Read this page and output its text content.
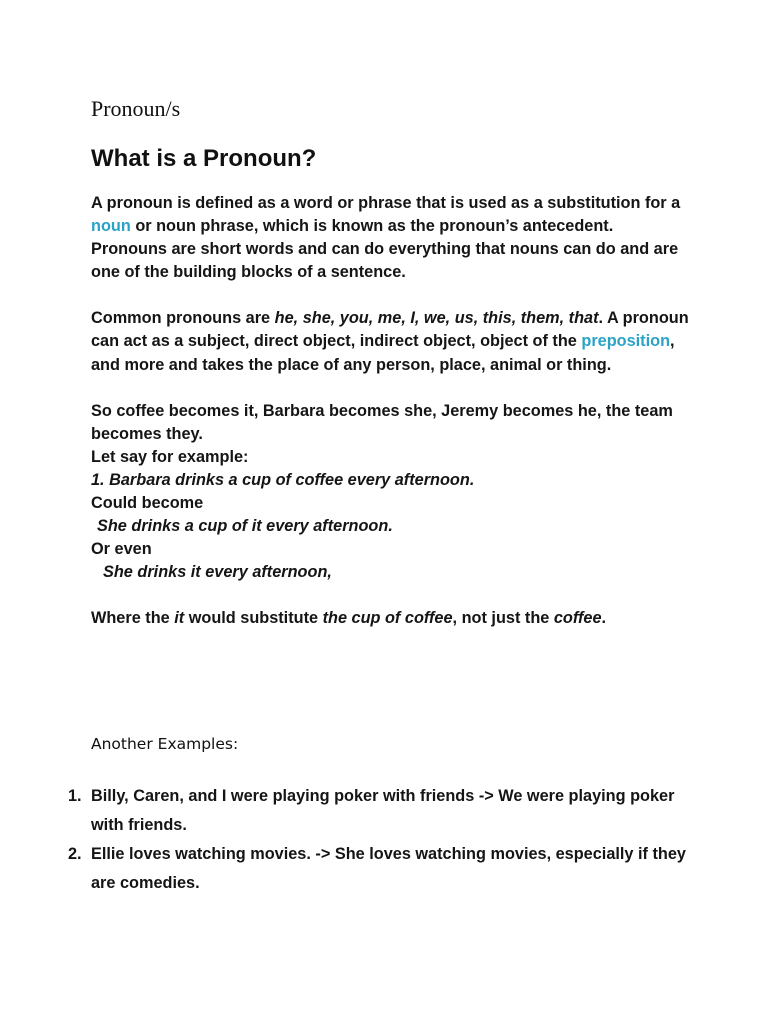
Pronoun/s
What is a Pronoun?

A pronoun is defined as a word or phrase that is used as a substitution for a noun or noun phrase, which is known as the pronoun’s antecedent.

Pronouns are short words and can do everything that nouns can do and are one of the building blocks of a sentence.

Common pronouns are he, she, you, me, I, we, us, this, them, that. A pronoun can act as a subject, direct object, indirect object, object of the preposition, and more and takes the place of any person, place, animal or thing.

So coffee becomes it, Barbara becomes she, Jeremy becomes he, the team becomes they.

Let say for example:

1. Barbara drinks a cup of coffee every afternoon.

Could become

She drinks a cup of it every afternoon.

Or even

She drinks it every afternoon,

Where the it would substitute the cup of coffee, not just the coffee.

Another Examples:
1. Billy, Caren, and I were playing poker with friends -> We were playing poker with friends.
2. Ellie loves watching movies. -> She loves watching movies, especially if they are comedies.
